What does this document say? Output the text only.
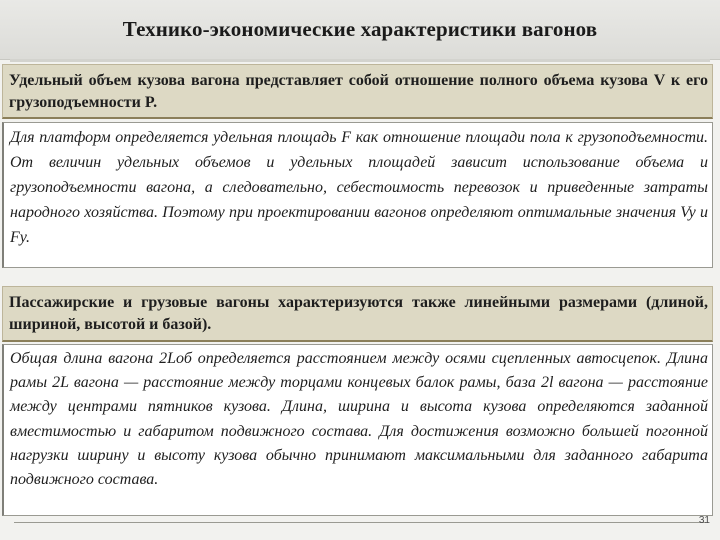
Технико-экономические характеристики вагонов

Удельный объем кузова вагона представляет собой отношение полного объема кузова V к его грузоподъемности P.

Для платформ определяется удельная площадь F как отношение площади пола к грузоподъемности. От величин удельных объемов и удельных площадей зависит использование объема и грузоподъемности вагона, а следовательно, себестоимость перевозок и приведенные затраты народного хозяйства. Поэтому при проектировании вагонов определяют оптимальные значения Vy и Fy.

Пассажирские и грузовые вагоны характеризуются также линейными размерами (длиной, шириной, высотой и базой).

Общая длина вагона 2Lоб определяется расстоянием между осями сцепленных автосцепок. Длина рамы 2L вагона — расстояние между торцами концевых балок рамы, база 2l вагона — расстояние между центрами пятников кузова. Длина, ширина и высота кузова определяются заданной вместимостью и габаритом подвижного состава. Для достижения возможно большей погонной нагрузки ширину и высоту кузова обычно принимают максимальными для заданного габарита подвижного состава.

31
